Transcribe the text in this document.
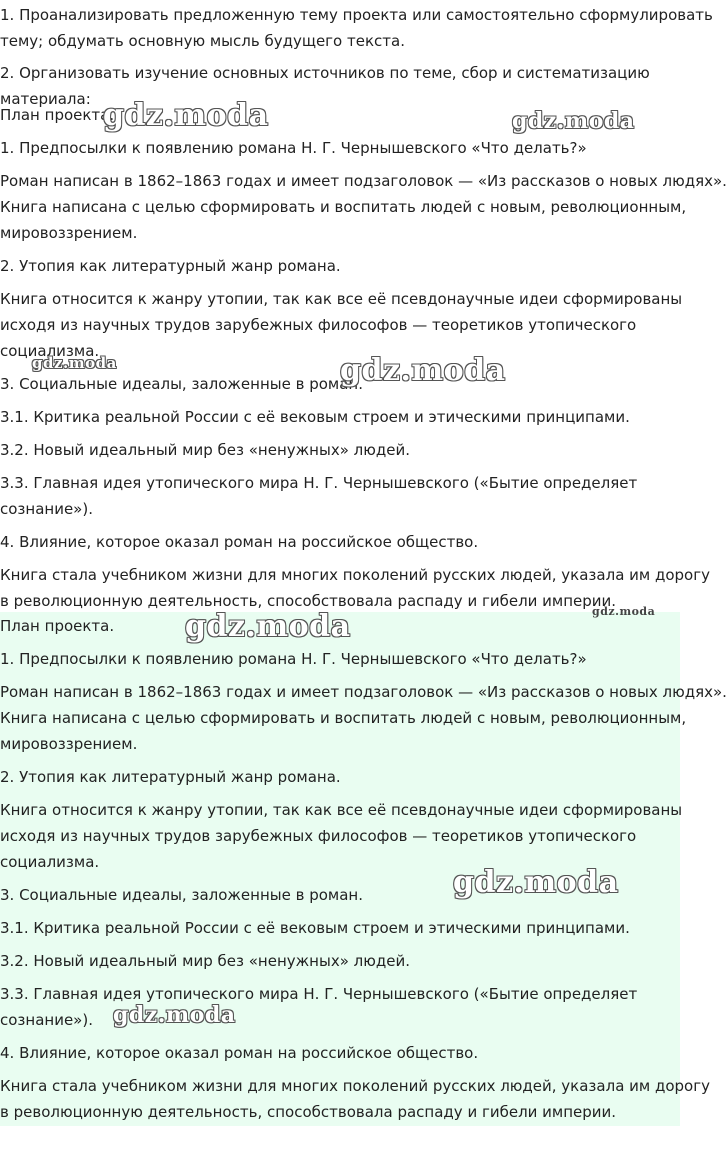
1. Проанализировать предложенную тему проекта или самостоятельно сформулировать

тему; обдумать основную мысль будущего текста.

2. Организовать изучение основных источников по теме, сбор и систематизацию

материала:

План проекта.

1. Предпосылки к появлению романа Н. Г. Чернышевского «Что делать?»

Роман написан в 1862–1863 годах и имеет подзаголовок — «Из рассказов о новых людях».

Книга написана с целью сформировать и воспитать людей с новым, революционным,

мировоззрением.

2. Утопия как литературный жанр романа.

Книга относится к жанру утопии, так как все её псевдонаучные идеи сформированы

исходя из научных трудов зарубежных философов — теоретиков утопического

социализма.

3. Социальные идеалы, заложенные в роман.

3.1. Критика реальной России с её вековым строем и этическими принципами.

3.2. Новый идеальный мир без «ненужных» людей.

3.3. Главная идея утопического мира Н. Г. Чернышевского («Бытие определяет

сознание»).

4. Влияние, которое оказал роман на российское общество.

Книга стала учебником жизни для многих поколений русских людей, указала им дорогу

в революционную деятельность, способствовала распаду и гибели империи.

gdz.moda	gdz.moda
gdz.moda	gdz.moda

План проекта.

1. Предпосылки к появлению романа Н. Г. Чернышевского «Что делать?»

Роман написан в 1862–1863 годах и имеет подзаголовок — «Из рассказов о новых людях».

Книга написана с целью сформировать и воспитать людей с новым, революционным,

мировоззрением.

2. Утопия как литературный жанр романа.

Книга относится к жанру утопии, так как все её псевдонаучные идеи сформированы

исходя из научных трудов зарубежных философов — теоретиков утопического

социализма.

3. Социальные идеалы, заложенные в роман.

3.1. Критика реальной России с её вековым строем и этическими принципами.

3.2. Новый идеальный мир без «ненужных» людей.

3.3. Главная идея утопического мира Н. Г. Чернышевского («Бытие определяет

сознание»).

4. Влияние, которое оказал роман на российское общество.

Книга стала учебником жизни для многих поколений русских людей, указала им дорогу

в революционную деятельность, способствовала распаду и гибели империи.

gdz.moda
gdz.moda
gdz.moda
gdz.moda
